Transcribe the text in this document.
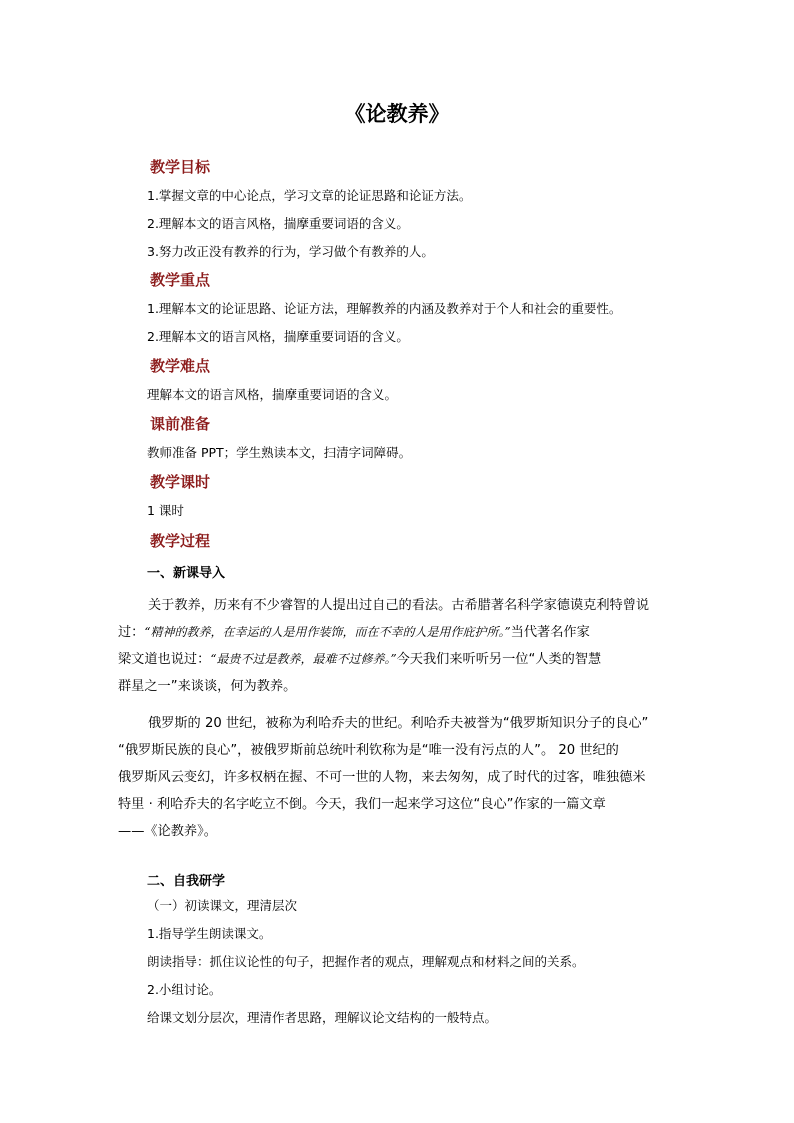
《论教养》
教学目标
1.掌握文章的中心论点，学习文章的论证思路和论证方法。
2.理解本文的语言风格，揣摩重要词语的含义。
3.努力改正没有教养的行为，学习做个有教养的人。
教学重点
1.理解本文的论证思路、论证方法，理解教养的内涵及教养对于个人和社会的重要性。
2.理解本文的语言风格，揣摩重要词语的含义。
教学难点
理解本文的语言风格，揣摩重要词语的含义。
课前准备
教师准备 PPT；学生熟读本文，扫清字词障碍。
教学课时
1 课时
教学过程
一、新课导入
关于教养，历来有不少睿智的人提出过自己的看法。古希腊著名科学家德谟克利特曾说
过：“精神的教养，在幸运的人是用作装饰，而在不幸的人是用作庇护所。”当代著名作家
梁文道也说过：“最贵不过是教养，最难不过修养。”今天我们来听听另一位“人类的智慧
群星之一”来谈谈，何为教养。
俄罗斯的 20 世纪，被称为利哈乔夫的世纪。利哈乔夫被誉为“俄罗斯知识分子的良心”
“俄罗斯民族的良心”，被俄罗斯前总统叶利钦称为是“唯一没有污点的人”。 20 世纪的
俄罗斯风云变幻，许多权柄在握、不可一世的人物，来去匆匆，成了时代的过客，唯独德米
特里 · 利哈乔夫的名字屹立不倒。今天，我们一起来学习这位“良心”作家的一篇文章
——《论教养》。
二、自我研学
（一）初读课文，理清层次
1.指导学生朗读课文。
朗读指导：抓住议论性的句子，把握作者的观点，理解观点和材料之间的关系。
2.小组讨论。
给课文划分层次，理清作者思路，理解议论文结构的一般特点。
